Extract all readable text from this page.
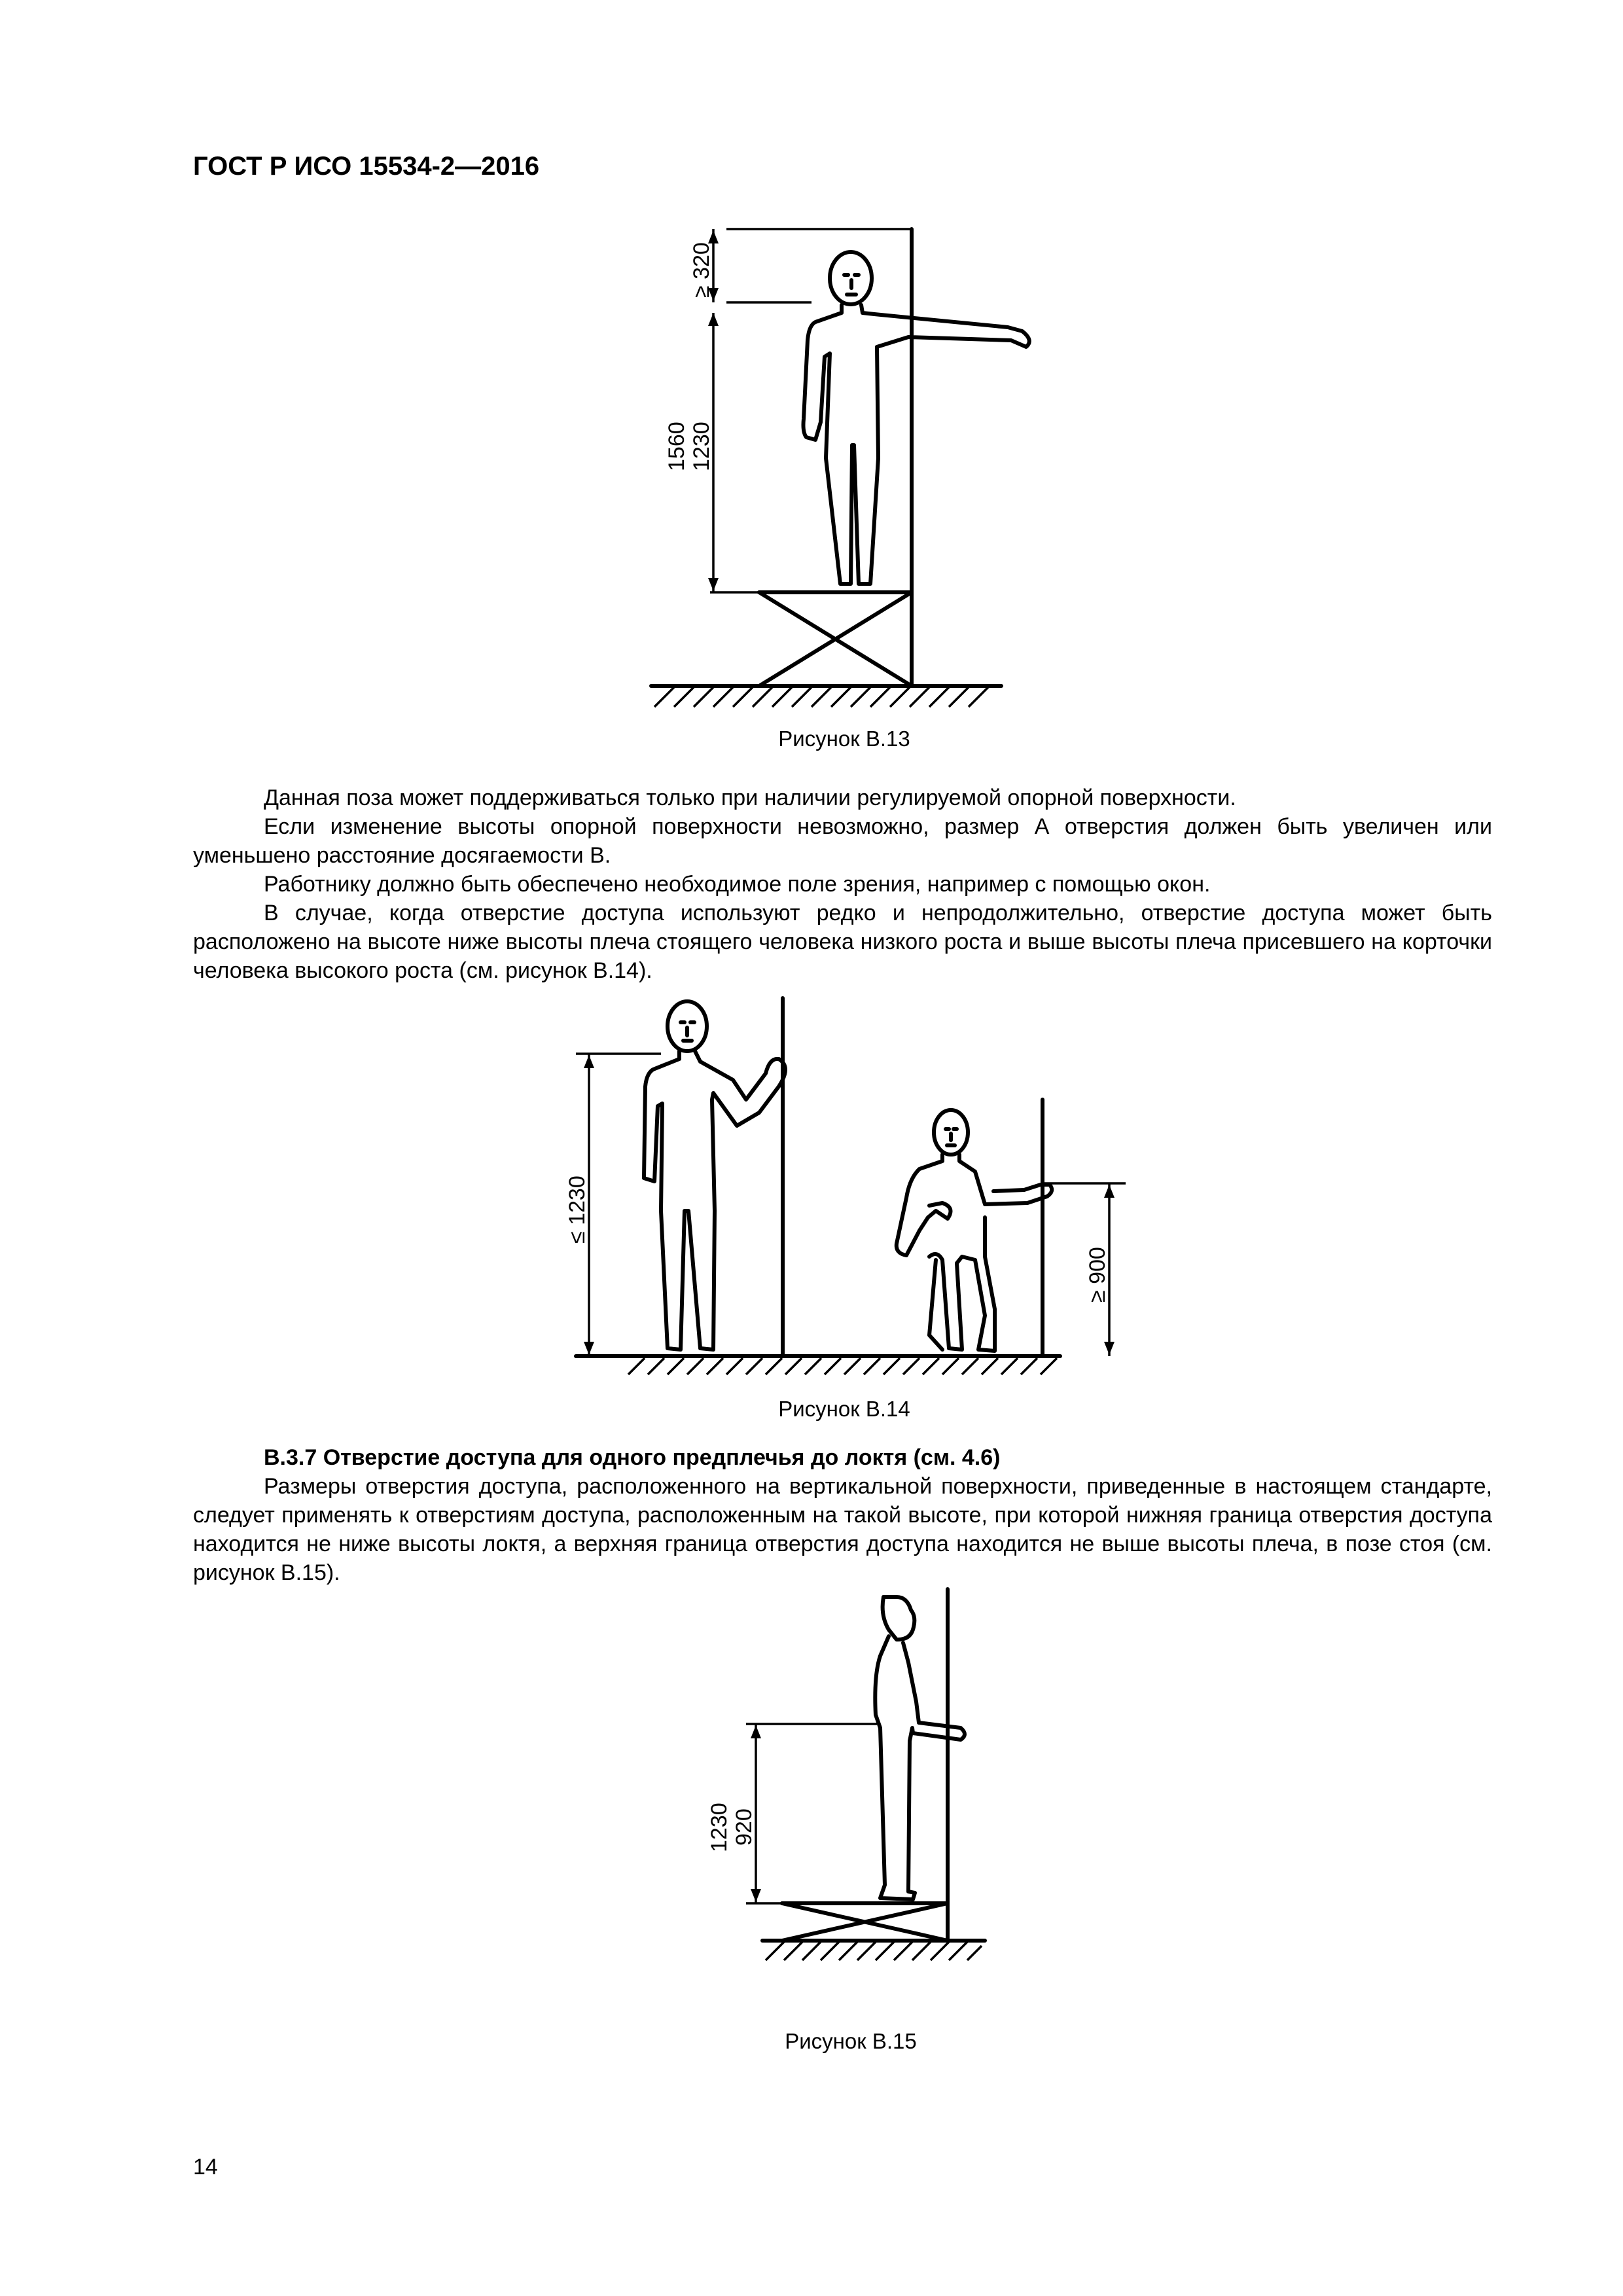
ГОСТ Р ИСО 15534-2—2016
≥ 320
1560 1230
Рисунок В.13

Данная поза может поддерживаться только при наличии регулируемой опорной поверхности.

Если изменение высоты опорной поверхности невозможно, размер А отверстия должен быть увеличен или уменьшено расстояние досягаемости В.

Работнику должно быть обеспечено необходимое поле зрения, например с помощью окон.

В случае, когда отверстие доступа используют редко и непродолжительно, отверстие доступа может быть расположено на высоте ниже высоты плеча стоящего человека низкого роста и выше высоты плеча присевшего на корточки человека высокого роста (см. рисунок В.14).

≤ 1230
≥ 900
Рисунок В.14

В.3.7 Отверстие доступа для одного предплечья до локтя (см. 4.6)

Размеры отверстия доступа, расположенного на вертикальной поверхности, приведенные в настоящем стандарте, следует применять к отверстиям доступа, расположенным на такой высоте, при которой нижняя граница отверстия доступа находится не ниже высоты локтя, а верхняя граница отверстия доступа находится не выше высоты плеча, в позе стоя (см. рисунок В.15).

1230 920
Рисунок В.15
14
